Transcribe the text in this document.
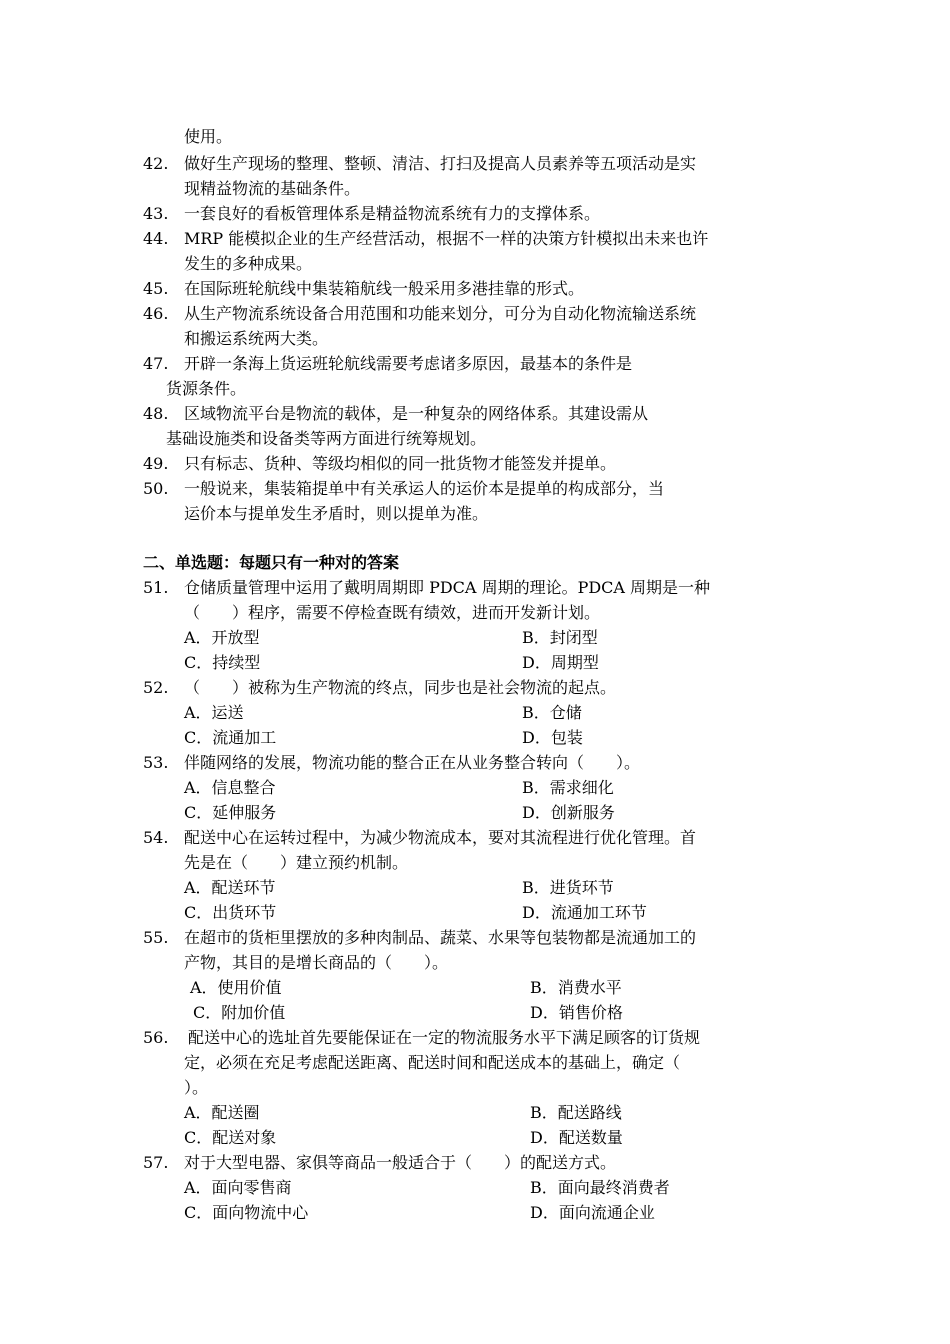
使用。
42. 做好生产现场的整理、整顿、清洁、打扫及提高人员素养等五项活动是实
现精益物流的基础条件。
43. 一套良好的看板管理体系是精益物流系统有力的支撑体系。
44. MRP 能模拟企业的生产经营活动，根据不一样的决策方针模拟出未来也许
发生的多种成果。
45. 在国际班轮航线中集装箱航线一般采用多港挂靠的形式。
46. 从生产物流系统设备合用范围和功能来划分，可分为自动化物流输送系统
和搬运系统两大类。
47. 开辟一条海上货运班轮航线需要考虑诸多原因，最基本的条件是
货源条件。
48. 区域物流平台是物流的载体，是一种复杂的网络体系。其建设需从
基础设施类和设备类等两方面进行统筹规划。
49. 只有标志、货种、等级均相似的同一批货物才能签发并提单。
50. 一般说来，集装箱提单中有关承运人的运价本是提单的构成部分，当
运价本与提单发生矛盾时，则以提单为准。
二、单选题：每题只有一种对的答案
51. 仓储质量管理中运用了戴明周期即 PDCA 周期的理论。PDCA 周期是一种
（　　）程序，需要不停检查既有绩效，进而开发新计划。
A．开放型	B．封闭型
C．持续型	D．周期型
52. （　　）被称为生产物流的终点，同步也是社会物流的起点。
A．运送	B．仓储
C．流通加工	D．包装
53. 伴随网络的发展，物流功能的整合正在从业务整合转向（　　）。
A．信息整合	B．需求细化
C．延伸服务	D．创新服务
54. 配送中心在运转过程中，为减少物流成本，要对其流程进行优化管理。首
先是在（　　）建立预约机制。
A．配送环节	B．进货环节
C．出货环节	D．流通加工环节
55. 在超市的货柜里摆放的多种肉制品、蔬菜、水果等包装物都是流通加工的
产物，其目的是增长商品的（　　）。
A．使用价值	B．消费水平
C．附加价值	D．销售价格
56. 配送中心的选址首先要能保证在一定的物流服务水平下满足顾客的订货规
定，必须在充足考虑配送距离、配送时间和配送成本的基础上，确定（
）。
A．配送圈	B．配送路线
C．配送对象	D．配送数量
57. 对于大型电器、家俱等商品一般适合于（　　）的配送方式。
A．面向零售商	B．面向最终消费者
C．面向物流中心	D．面向流通企业
